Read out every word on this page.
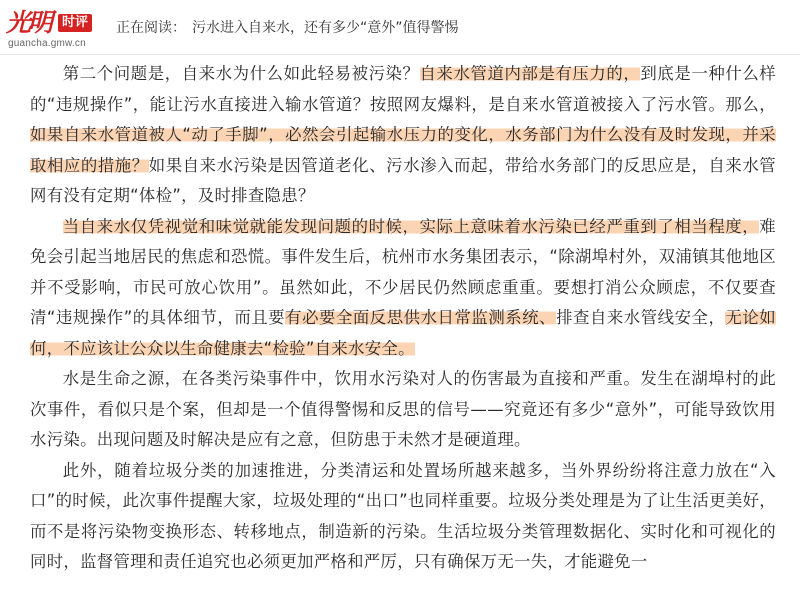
光明 时评
guancha.gmw.cn
正在阅读： 污水进入自来水，还有多少“意外”值得警惕

第二个问题是，自来水为什么如此轻易被污染？自来水管道内部是有压力的，到底是一种什么样的“违规操作”，能让污水直接进入输水管道？按照网友爆料，是自来水管道被接入了污水管。那么，如果自来水管道被人“动了手脚”，必然会引起输水压力的变化，水务部门为什么没有及时发现，并采取相应的措施？如果自来水污染是因管道老化、污水渗入而起，带给水务部门的反思应是，自来水管网有没有定期“体检”，及时排查隐患？

当自来水仅凭视觉和味觉就能发现问题的时候，实际上意味着水污染已经严重到了相当程度，难免会引起当地居民的焦虑和恐慌。事件发生后，杭州市水务集团表示，“除湖埠村外，双浦镇其他地区并不受影响，市民可放心饮用”。虽然如此，不少居民仍然顾虑重重。要想打消公众顾虑，不仅要查清“违规操作”的具体细节，而且要有必要全面反思供水日常监测系统、排查自来水管线安全，无论如何，不应该让公众以生命健康去“检验”自来水安全。

水是生命之源，在各类污染事件中，饮用水污染对人的伤害最为直接和严重。发生在湖埠村的此次事件，看似只是个案，但却是一个值得警惕和反思的信号——究竟还有多少“意外”，可能导致饮用水污染。出现问题及时解决是应有之意，但防患于未然才是硬道理。

此外，随着垃圾分类的加速推进，分类清运和处置场所越来越多，当外界纷纷将注意力放在“入口”的时候，此次事件提醒大家，垃圾处理的“出口”也同样重要。垃圾分类处理是为了让生活更美好，而不是将污染物变换形态、转移地点，制造新的污染。生活垃圾分类管理数据化、实时化和可视化的同时，监督管理和责任追究也必须更加严格和严厉，只有确保万无一失，才能避免一
